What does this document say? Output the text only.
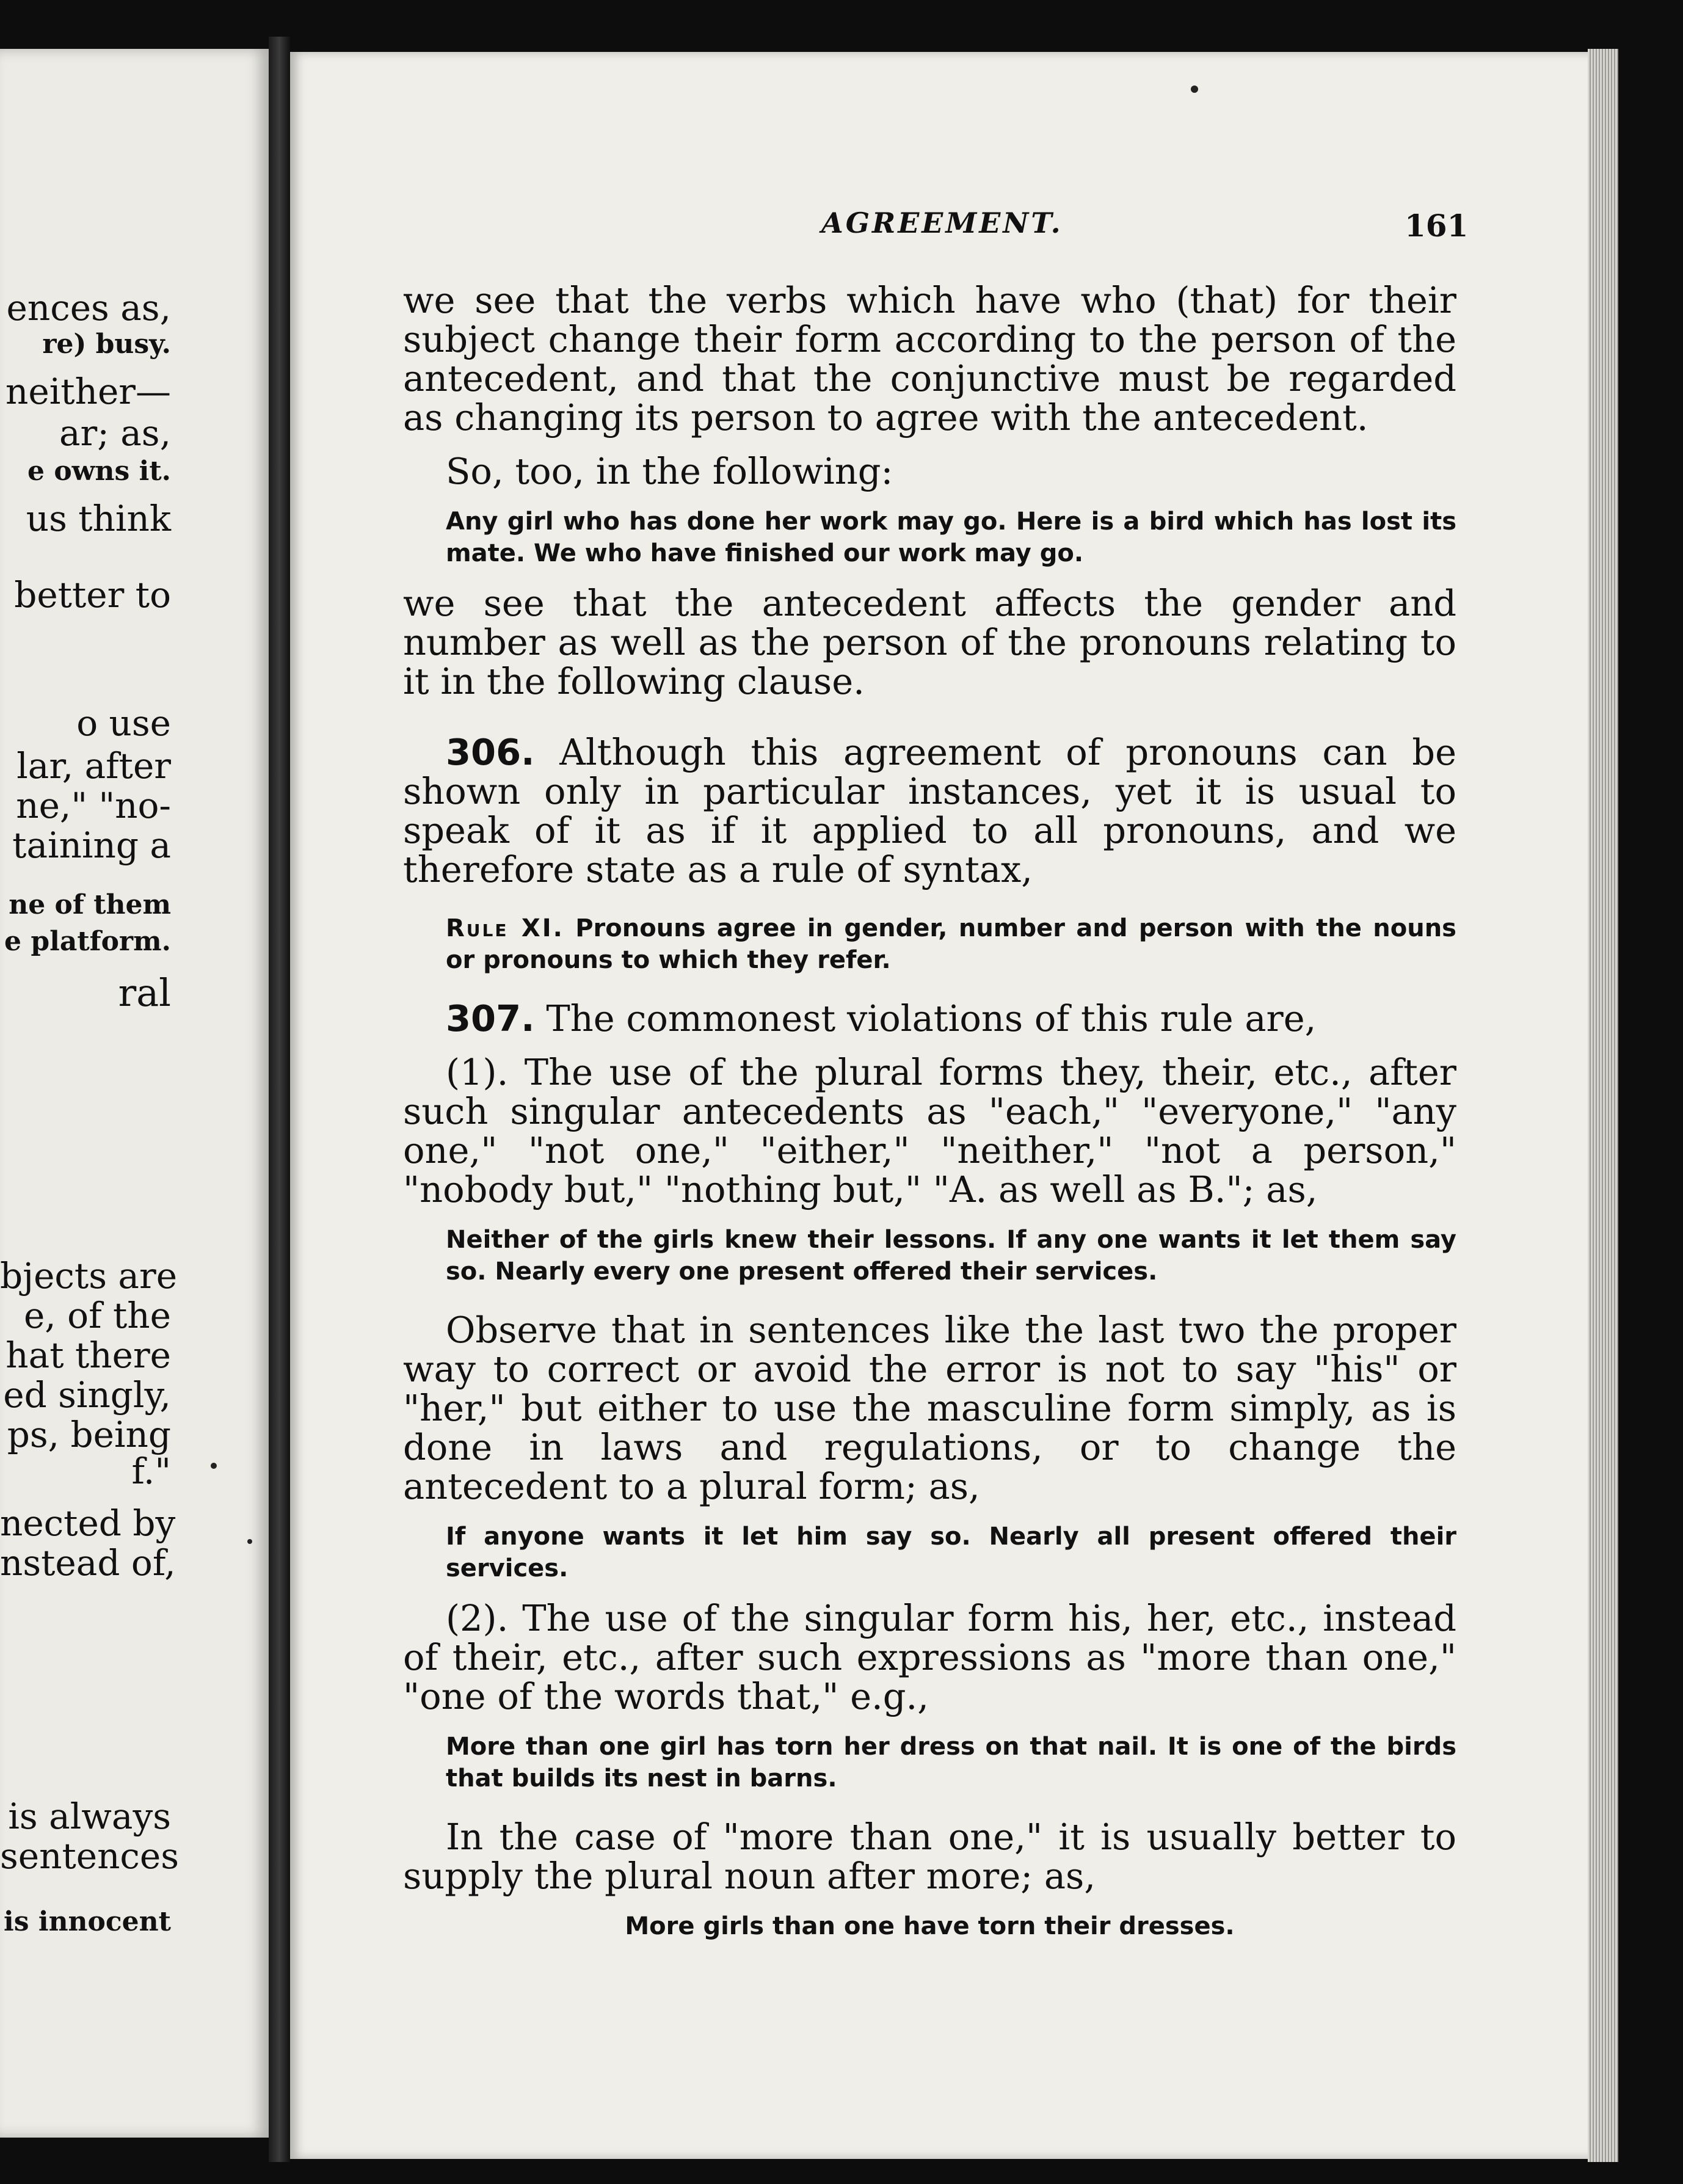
ences as,
re) busy.
neither—
ar; as,
e owns it.
us think
better to
o use
lar, after
ne," "no-
taining a
ne of them
e platform.
ral
bjects are
e, of the
hat there
ed singly,
ps, being
f."
nected by
nstead of,
is always
sentences
is innocent
AGREEMENT.	161

we see that the verbs which have who (that) for their subject change their form according to the person of the antecedent, and that the conjunctive must be regarded as changing its person to agree with the antecedent.

So, too, in the following:

Any girl who has done her work may go. Here is a bird which has lost its mate. We who have finished our work may go.

we see that the antecedent affects the gender and number as well as the person of the pronouns relating to it in the following clause.

306. Although this agreement of pronouns can be shown only in particular instances, yet it is usual to speak of it as if it applied to all pronouns, and we therefore state as a rule of syntax,

Rule XI. Pronouns agree in gender, number and person with the nouns or pronouns to which they refer.

307. The commonest violations of this rule are,

(1). The use of the plural forms they, their, etc., after such singular antecedents as "each," "everyone," "any one," "not one," "either," "neither," "not a person," "nobody but," "nothing but," "A. as well as B."; as,

Neither of the girls knew their lessons. If any one wants it let them say so. Nearly every one present offered their services.

Observe that in sentences like the last two the proper way to correct or avoid the error is not to say "his" or "her," but either to use the masculine form simply, as is done in laws and regulations, or to change the antecedent to a plural form; as,

If anyone wants it let him say so. Nearly all present offered their services.

(2). The use of the singular form his, her, etc., instead of their, etc., after such expressions as "more than one," "one of the words that," e.g.,

More than one girl has torn her dress on that nail. It is one of the birds that builds its nest in barns.

In the case of "more than one," it is usually better to supply the plural noun after more; as,

More girls than one have torn their dresses.
